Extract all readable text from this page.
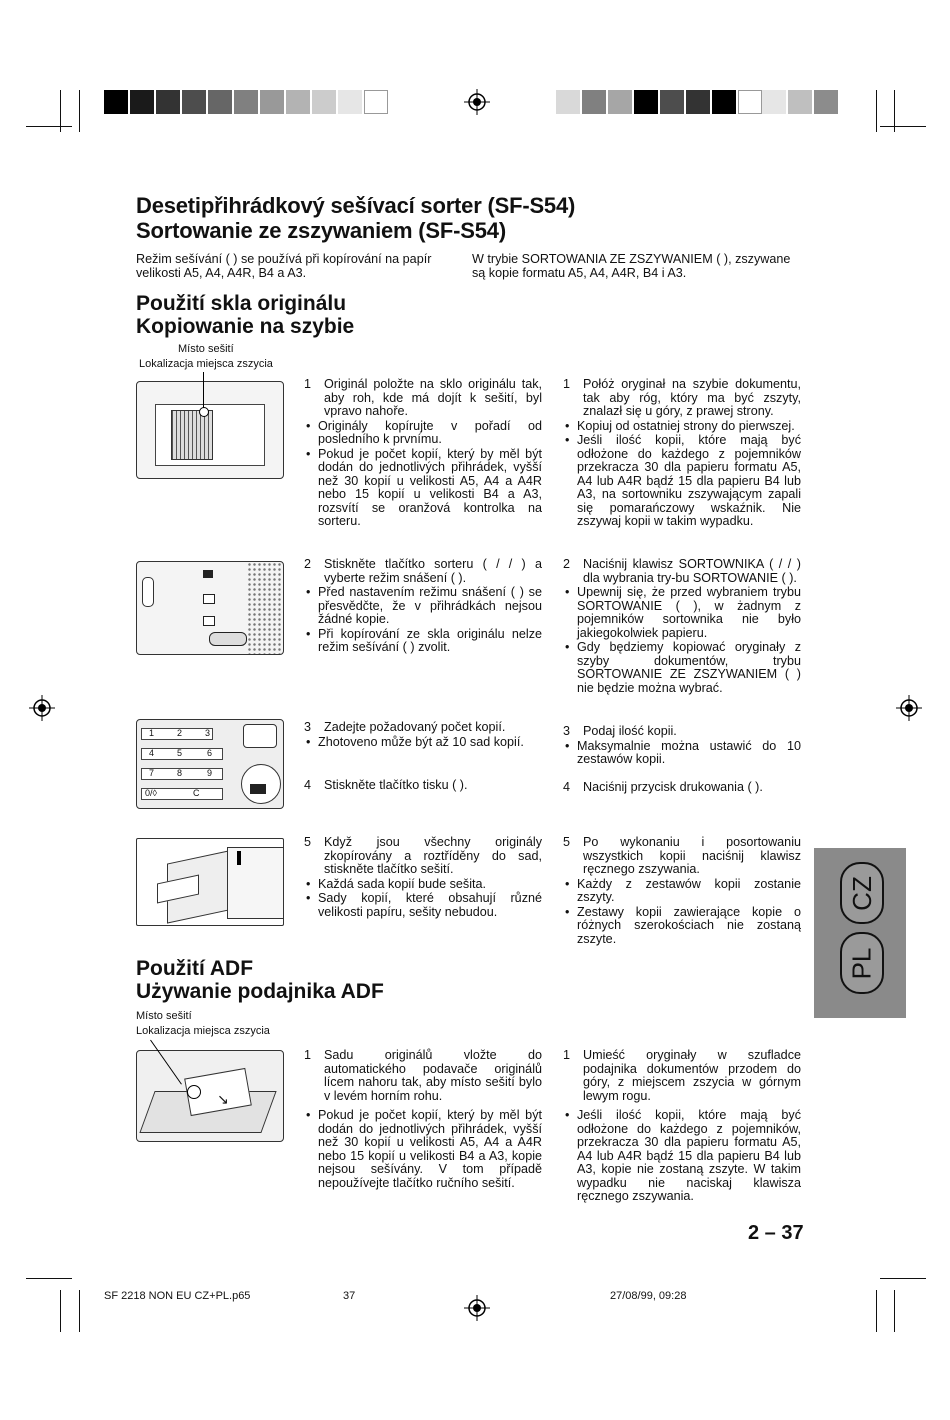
Desetipřihrádkový sešívací sorter (SF-S54)
Sortowanie ze zszywaniem (SF-S54)
Režim sešívání ( ) se používá při kopírování na papír velikosti A5, A4, A4R, B4 a A3.
W trybie SORTOWANIA ZE ZSZYWANIEM ( ), zszywane są kopie formatu A5, A4, A4R, B4 i A3.
Použití skla originálu
Kopiowanie na szybie
Místo sešití
Lokalizacja miejsca zszycia
1	2	3
4	5	6
7	8	9
0/◊	C
1 Originál položte na sklo originálu tak, aby roh, kde má dojít k sešití, byl vpravo nahoře.
• Originály kopírujte v pořadí od posledního k prvnímu.
• Pokud je počet kopií, který by měl být dodán do jednotlivých přihrádek, vyšší než 30 kopií u velikosti A5, A4 a A4R nebo 15 kopií u velikosti B4 a A3, rozsvítí se oranžová kontrolka na sorteru.
2 Stiskněte tlačítko sorteru ( / / ) a vyberte režim snášení ( ).
• Před nastavením režimu snášení ( ) se přesvědčte, že v přihrádkách nejsou žádné kopie.
• Při kopírování ze skla originálu nelze režim sešívání ( ) zvolit.
3 Zadejte požadovaný počet kopií.
• Zhotoveno může být až 10 sad kopií.
4 Stiskněte tlačítko tisku ( ).
5 Když jsou všechny originály zkopírovány a roztříděny do sad, stiskněte tlačítko sešití.
• Každá sada kopií bude sešita.
• Sady kopií, které obsahují různé velikosti papíru, sešity nebudou.
1 Połóż oryginał na szybie dokumentu, tak aby róg, który ma być zszyty, znalazł się u góry, z prawej strony.
• Kopiuj od ostatniej strony do pierwszej.
• Jeśli ilość kopii, które mają być odłożone do każdego z pojemników przekracza 30 dla papieru formatu A5, A4 lub A4R bądź 15 dla papieru B4 lub A3, na sortowniku zszywającym zapali się pomarańczowy wskaźnik. Nie zszywaj kopii w takim wypadku.
2 Naciśnij klawisz SORTOWNIKA ( / / ) dla wybrania try-bu SORTOWANIE ( ).
• Upewnij się, że przed wybraniem trybu SORTOWANIE ( ), w żadnym z pojemników sortownika nie było jakiegokolwiek papieru.
• Gdy będziemy kopiować oryginały z szyby dokumentów, trybu SORTOWANIE ZE ZSZYWANIEM ( ) nie będzie można wybrać.
3 Podaj ilość kopii.
• Maksymalnie można ustawić do 10 zestawów kopii.
4 Naciśnij przycisk drukowania ( ).
5 Po wykonaniu i posortowaniu wszystkich kopii naciśnij klawisz ręcznego zszywania.
• Każdy z zestawów kopii zostanie zszyty.
• Zestawy kopii zawierające kopie o różnych szerokościach nie zostaną zszyte.
Použití ADF
Używanie podajnika ADF
Místo sešití
Lokalizacja miejsca zszycia
↘
1 Sadu originálů vložte do automatického podavače originálů lícem nahoru tak, aby místo sešití bylo v levém horním rohu.
• Pokud je počet kopií, který by měl být dodán do jednotlivých přihrádek, vyšší než 30 kopií u velikosti A5, A4 a A4R nebo 15 kopií u velikosti B4 a A3, kopie nejsou sešívány. V tom případě nepoužívejte tlačítko ručního sešití.
1 Umieść oryginały w szufladce podajnika dokumentów przodem do góry, z miejscem zszycia w górnym lewym rogu.
• Jeśli ilość kopii, które mają być odłożone do każdego z pojemników, przekracza 30 dla papieru formatu A5, A4 lub A4R bądź 15 dla papieru B4 lub A3, kopie nie zostaną zszyte. W takim wypadku nie naciskaj klawisza ręcznego zszywania.
CZ
PL
2 – 37
SF 2218 NON EU CZ+PL.p65	37	27/08/99, 09:28
